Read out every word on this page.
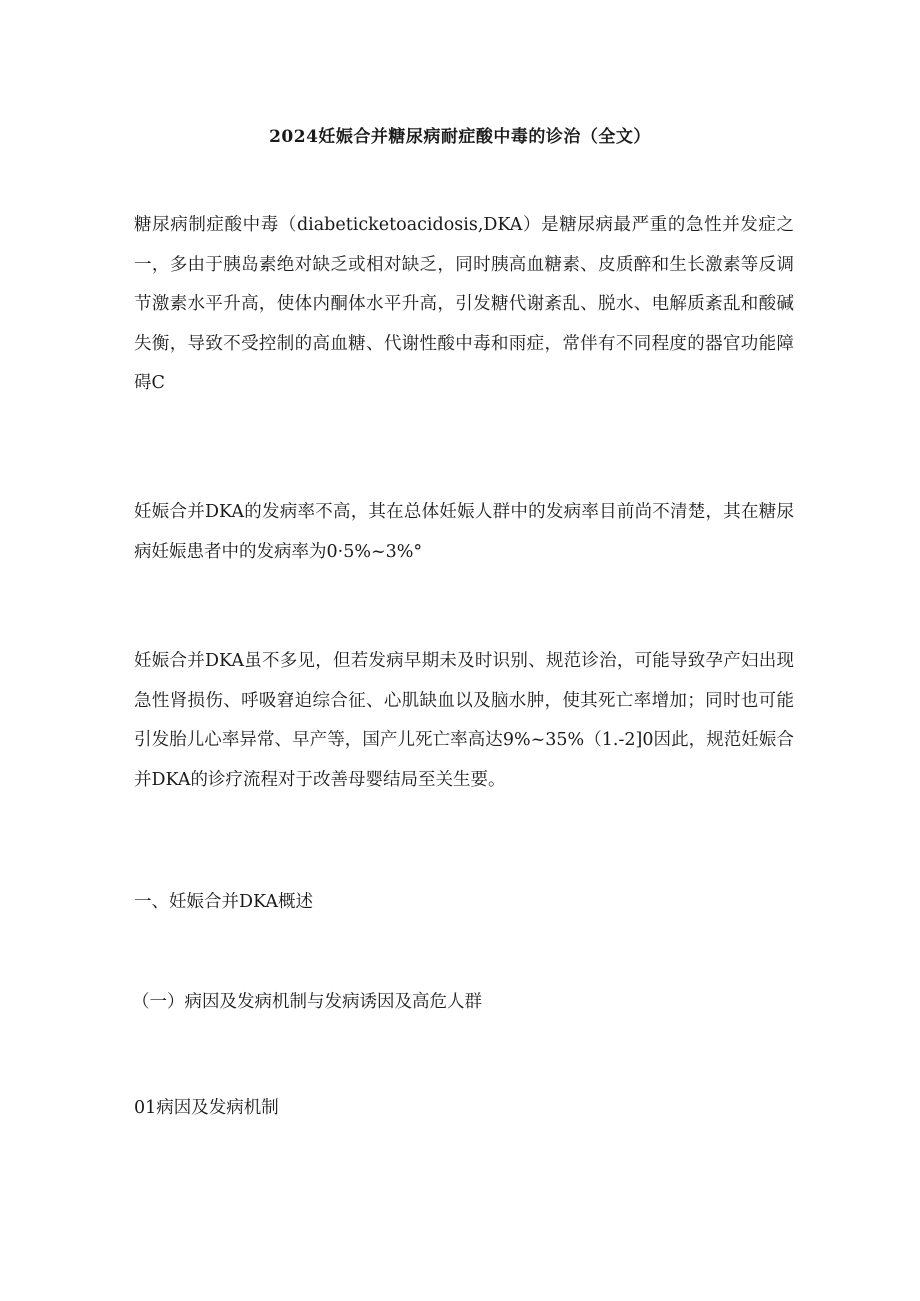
2024妊娠合并糖尿病耐症酸中毒的诊治（全文）

糖尿病制症酸中毒（diabeticketoacidosis,DKA）是糖尿病最严重的急性并发症之一，多由于胰岛素绝对缺乏或相对缺乏，同时胰高血糖素、皮质醉和生长激素等反调节激素水平升高，使体内酮体水平升高，引发糖代谢紊乱、脱水、电解质紊乱和酸碱失衡，导致不受控制的高血糖、代谢性酸中毒和雨症，常伴有不同程度的器官功能障碍C

妊娠合并DKA的发病率不高，其在总体妊娠人群中的发病率目前尚不清楚，其在糖尿病妊娠患者中的发病率为0·5%~3%°

妊娠合并DKA虽不多见，但若发病早期未及时识别、规范诊治，可能导致孕产妇出现急性肾损伤、呼吸窘迫综合征、心肌缺血以及脑水肿，使其死亡率增加；同时也可能引发胎儿心率异常、早产等，国产儿死亡率高达9%~35%（1.-2]0因此，规范妊娠合并DKA的诊疗流程对于改善母婴结局至关生要。

一、妊娠合并DKA概述
（一）病因及发病机制与发病诱因及高危人群
01病因及发病机制
